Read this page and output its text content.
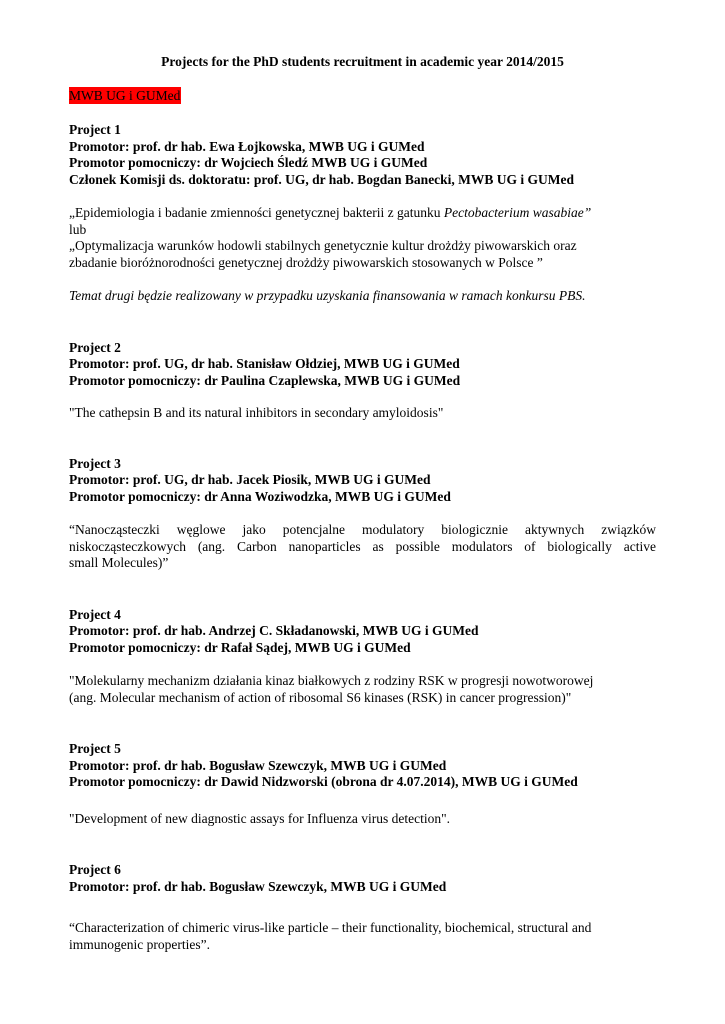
Projects for the PhD students recruitment in academic year 2014/2015
MWB UG i GUMed
Project 1
Promotor: prof. dr hab. Ewa Łojkowska, MWB UG i GUMed
Promotor pomocniczy: dr Wojciech Śledź MWB UG i GUMed
Członek Komisji ds. doktoratu: prof. UG, dr hab. Bogdan Banecki, MWB UG i GUMed
„Epidemiologia i badanie zmienności genetycznej bakterii z gatunku Pectobacterium wasabiae”
lub
„Optymalizacja warunków hodowli stabilnych genetycznie kultur drożdży piwowarskich oraz
zbadanie bioróżnorodności genetycznej drożdży piwowarskich stosowanych w Polsce ”
Temat drugi będzie realizowany w przypadku uzyskania finansowania w ramach konkursu PBS.
Project 2
Promotor: prof. UG, dr hab. Stanisław Ołdziej, MWB UG i GUMed
Promotor pomocniczy: dr Paulina Czaplewska, MWB UG i GUMed
"The cathepsin B and its natural inhibitors in secondary amyloidosis"
Project 3
Promotor: prof. UG, dr hab. Jacek Piosik, MWB UG i GUMed
Promotor pomocniczy: dr Anna Woziwodzka, MWB UG i GUMed
“Nanocząsteczki węglowe jako potencjalne modulatory biologicznie aktywnych związków
niskocząsteczkowych (ang. Carbon nanoparticles as possible modulators of biologically active
small Molecules)”
Project 4
Promotor: prof. dr hab. Andrzej C. Składanowski, MWB UG i GUMed
Promotor pomocniczy: dr Rafał Sądej, MWB UG i GUMed
"Molekularny mechanizm działania kinaz białkowych z rodziny RSK w progresji nowotworowej
(ang. Molecular mechanism of action of ribosomal S6 kinases (RSK) in cancer progression)"
Project 5
Promotor: prof. dr hab. Bogusław Szewczyk, MWB UG i GUMed
Promotor pomocniczy: dr Dawid Nidzworski (obrona dr 4.07.2014), MWB UG i GUMed
"Development of new diagnostic assays for Influenza virus detection".
Project 6
Promotor: prof. dr hab. Bogusław Szewczyk, MWB UG i GUMed
“Characterization of chimeric virus-like particle – their functionality, biochemical, structural and
immunogenic properties”.
